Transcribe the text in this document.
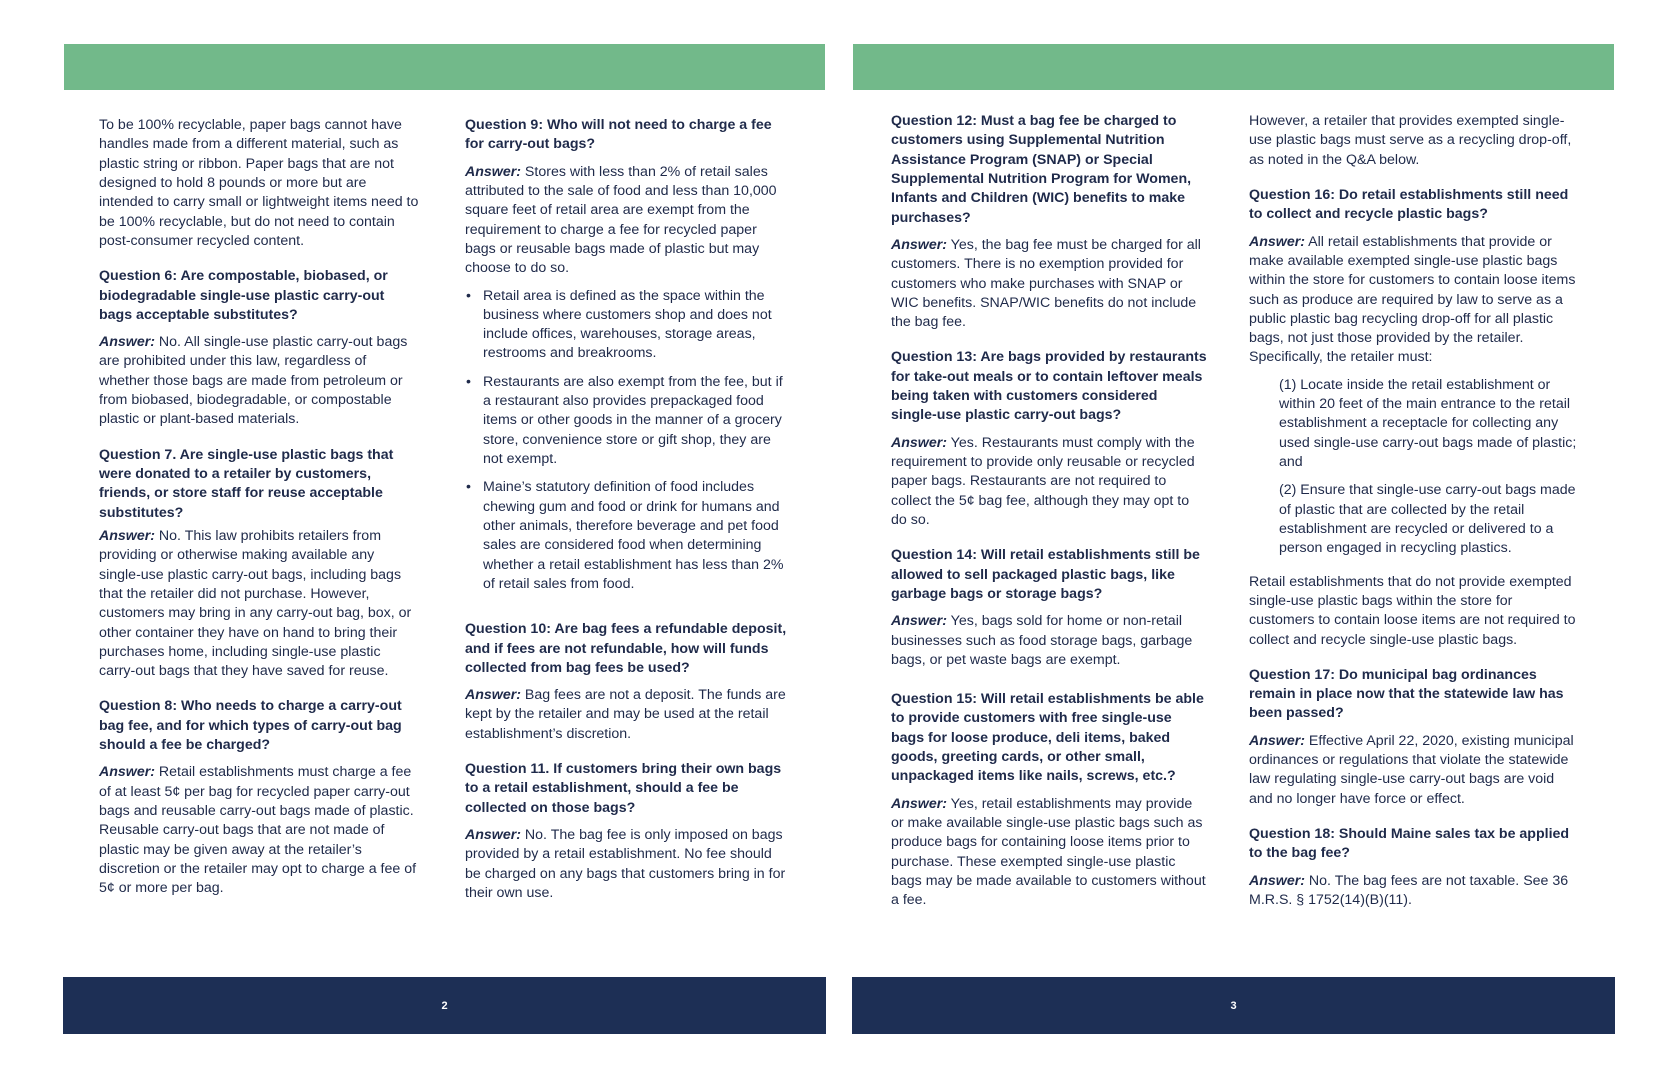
To be 100% recyclable, paper bags cannot have handles made from a different material, such as plastic string or ribbon. Paper bags that are not designed to hold 8 pounds or more but are intended to carry small or lightweight items need to be 100% recyclable, but do not need to contain post-consumer recycled content.

Question 6: Are compostable, biobased, or biodegradable single-use plastic carry-out bags acceptable substitutes?

Answer: No. All single-use plastic carry-out bags are prohibited under this law, regardless of whether those bags are made from petroleum or from biobased, biodegradable, or compostable plastic or plant-based materials.

Question 7. Are single-use plastic bags that were donated to a retailer by customers, friends, or store staff for reuse acceptable substitutes?

Answer: No. This law prohibits retailers from providing or otherwise making available any single-use plastic carry-out bags, including bags that the retailer did not purchase. However, customers may bring in any carry-out bag, box, or other container they have on hand to bring their purchases home, including single-use plastic carry-out bags that they have saved for reuse.

Question 8: Who needs to charge a carry-out bag fee, and for which types of carry-out bag should a fee be charged?

Answer: Retail establishments must charge a fee of at least 5¢ per bag for recycled paper carry-out bags and reusable carry-out bags made of plastic. Reusable carry-out bags that are not made of plastic may be given away at the retailer’s discretion or the retailer may opt to charge a fee of 5¢ or more per bag.

Question 9: Who will not need to charge a fee for carry-out bags?

Answer: Stores with less than 2% of retail sales attributed to the sale of food and less than 10,000 square feet of retail area are exempt from the requirement to charge a fee for recycled paper bags or reusable bags made of plastic but may choose to do so.

• Retail area is defined as the space within the business where customers shop and does not include offices, warehouses, storage areas, restrooms and breakrooms.
• Restaurants are also exempt from the fee, but if a restaurant also provides prepackaged food items or other goods in the manner of a grocery store, convenience store or gift shop, they are not exempt.
• Maine’s statutory definition of food includes chewing gum and food or drink for humans and other animals, therefore beverage and pet food sales are considered food when determining whether a retail establishment has less than 2% of retail sales from food.

Question 10: Are bag fees a refundable deposit, and if fees are not refundable, how will funds collected from bag fees be used?

Answer: Bag fees are not a deposit. The funds are kept by the retailer and may be used at the retail establishment’s discretion.

Question 11. If customers bring their own bags to a retail establishment, should a fee be collected on those bags?

Answer: No. The bag fee is only imposed on bags provided by a retail establishment. No fee should be charged on any bags that customers bring in for their own use.

2

Question 12: Must a bag fee be charged to customers using Supplemental Nutrition Assistance Program (SNAP) or Special Supplemental Nutrition Program for Women, Infants and Children (WIC) benefits to make purchases?

Answer: Yes, the bag fee must be charged for all customers. There is no exemption provided for customers who make purchases with SNAP or WIC benefits. SNAP/WIC benefits do not include the bag fee.

Question 13: Are bags provided by restaurants for take-out meals or to contain leftover meals being taken with customers considered single-use plastic carry-out bags?

Answer: Yes. Restaurants must comply with the requirement to provide only reusable or recycled paper bags. Restaurants are not required to collect the 5¢ bag fee, although they may opt to do so.

Question 14: Will retail establishments still be allowed to sell packaged plastic bags, like garbage bags or storage bags?

Answer: Yes, bags sold for home or non-retail businesses such as food storage bags, garbage bags, or pet waste bags are exempt.

Question 15: Will retail establishments be able to provide customers with free single-use bags for loose produce, deli items, baked goods, greeting cards, or other small, unpackaged items like nails, screws, etc.?

Answer: Yes, retail establishments may provide or make available single-use plastic bags such as produce bags for containing loose items prior to purchase. These exempted single-use plastic bags may be made available to customers without a fee.

However, a retailer that provides exempted single-use plastic bags must serve as a recycling drop-off, as noted in the Q&A below.

Question 16: Do retail establishments still need to collect and recycle plastic bags?

Answer: All retail establishments that provide or make available exempted single-use plastic bags within the store for customers to contain loose items such as produce are required by law to serve as a public plastic bag recycling drop-off for all plastic bags, not just those provided by the retailer. Specifically, the retailer must:

(1) Locate inside the retail establishment or within 20 feet of the main entrance to the retail establishment a receptacle for collecting any used single-use carry-out bags made of plastic; and

(2) Ensure that single-use carry-out bags made of plastic that are collected by the retail establishment are recycled or delivered to a person engaged in recycling plastics.

Retail establishments that do not provide exempted single-use plastic bags within the store for customers to contain loose items are not required to collect and recycle single-use plastic bags.

Question 17: Do municipal bag ordinances remain in place now that the statewide law has been passed?

Answer: Effective April 22, 2020, existing municipal ordinances or regulations that violate the statewide law regulating single-use carry-out bags are void and no longer have force or effect.

Question 18: Should Maine sales tax be applied to the bag fee?

Answer: No. The bag fees are not taxable. See 36 M.R.S. § 1752(14)(B)(11).

3
